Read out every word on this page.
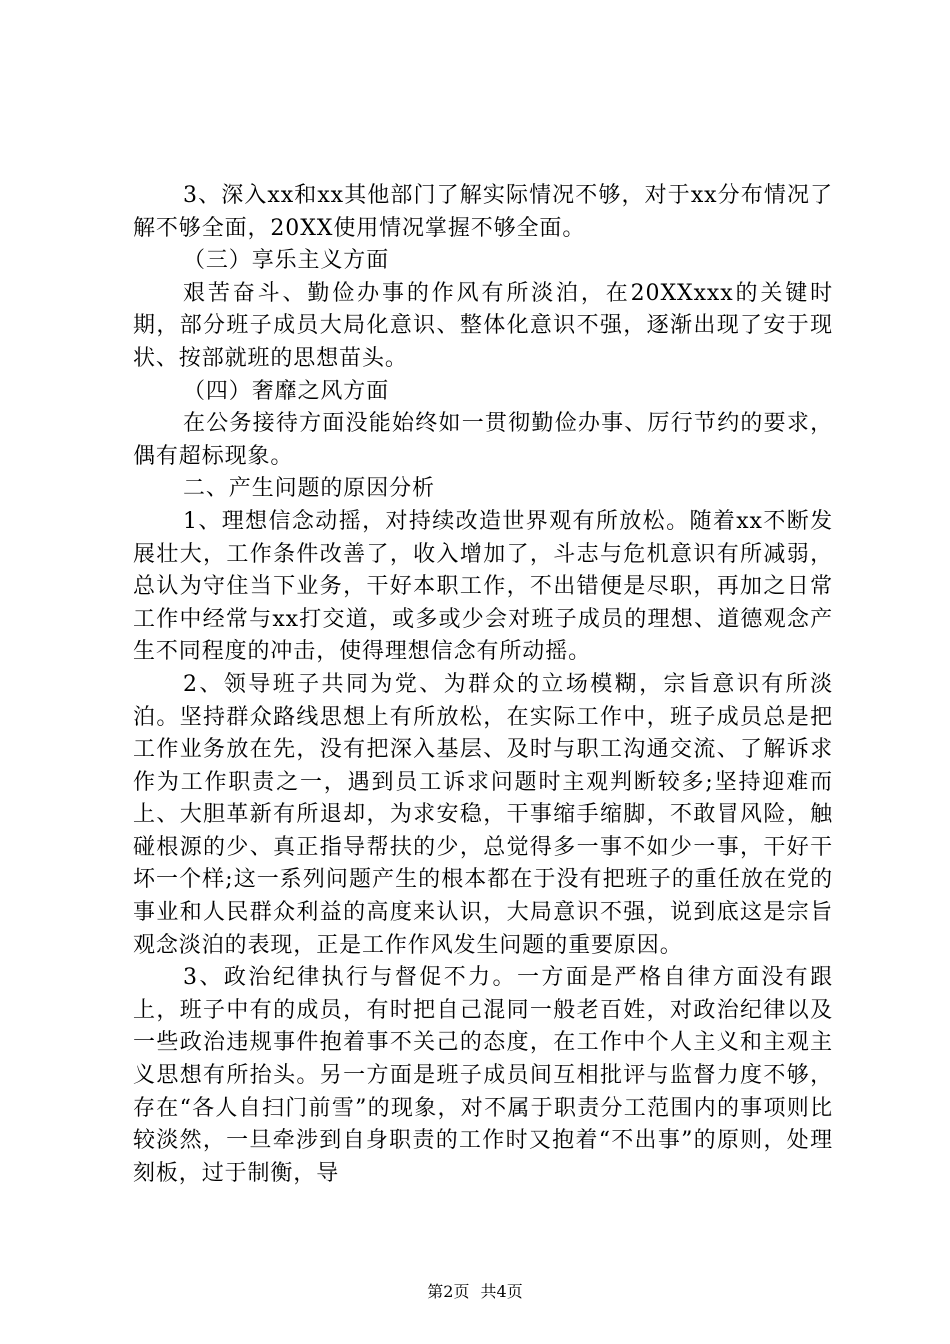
3、深入xx和xx其他部门了解实际情况不够，对于xx分布情况了解不够全面，20XX使用情况掌握不够全面。

（三）享乐主义方面

艰苦奋斗、勤俭办事的作风有所淡泊，在20XXxxx的关键时期，部分班子成员大局化意识、整体化意识不强，逐渐出现了安于现状、按部就班的思想苗头。

（四）奢靡之风方面

在公务接待方面没能始终如一贯彻勤俭办事、厉行节约的要求，偶有超标现象。

二、产生问题的原因分析

1、理想信念动摇，对持续改造世界观有所放松。随着xx不断发展壮大，工作条件改善了，收入增加了，斗志与危机意识有所减弱，总认为守住当下业务，干好本职工作，不出错便是尽职，再加之日常工作中经常与xx打交道，或多或少会对班子成员的理想、道德观念产生不同程度的冲击，使得理想信念有所动摇。

2、领导班子共同为党、为群众的立场模糊，宗旨意识有所淡泊。坚持群众路线思想上有所放松，在实际工作中，班子成员总是把工作业务放在先，没有把深入基层、及时与职工沟通交流、了解诉求作为工作职责之一，遇到员工诉求问题时主观判断较多;坚持迎难而上、大胆革新有所退却，为求安稳，干事缩手缩脚，不敢冒风险，触碰根源的少、真正指导帮扶的少，总觉得多一事不如少一事，干好干坏一个样;这一系列问题产生的根本都在于没有把班子的重任放在党的事业和人民群众利益的高度来认识，大局意识不强，说到底这是宗旨观念淡泊的表现，正是工作作风发生问题的重要原因。

3、政治纪律执行与督促不力。一方面是严格自律方面没有跟上，班子中有的成员，有时把自己混同一般老百姓，对政治纪律以及一些政治违规事件抱着事不关己的态度，在工作中个人主义和主观主义思想有所抬头。另一方面是班子成员间互相批评与监督力度不够，存在“各人自扫门前雪”的现象，对不属于职责分工范围内的事项则比较淡然，一旦牵涉到自身职责的工作时又抱着“不出事”的原则，处理刻板，过于制衡，导

第2页 共4页
